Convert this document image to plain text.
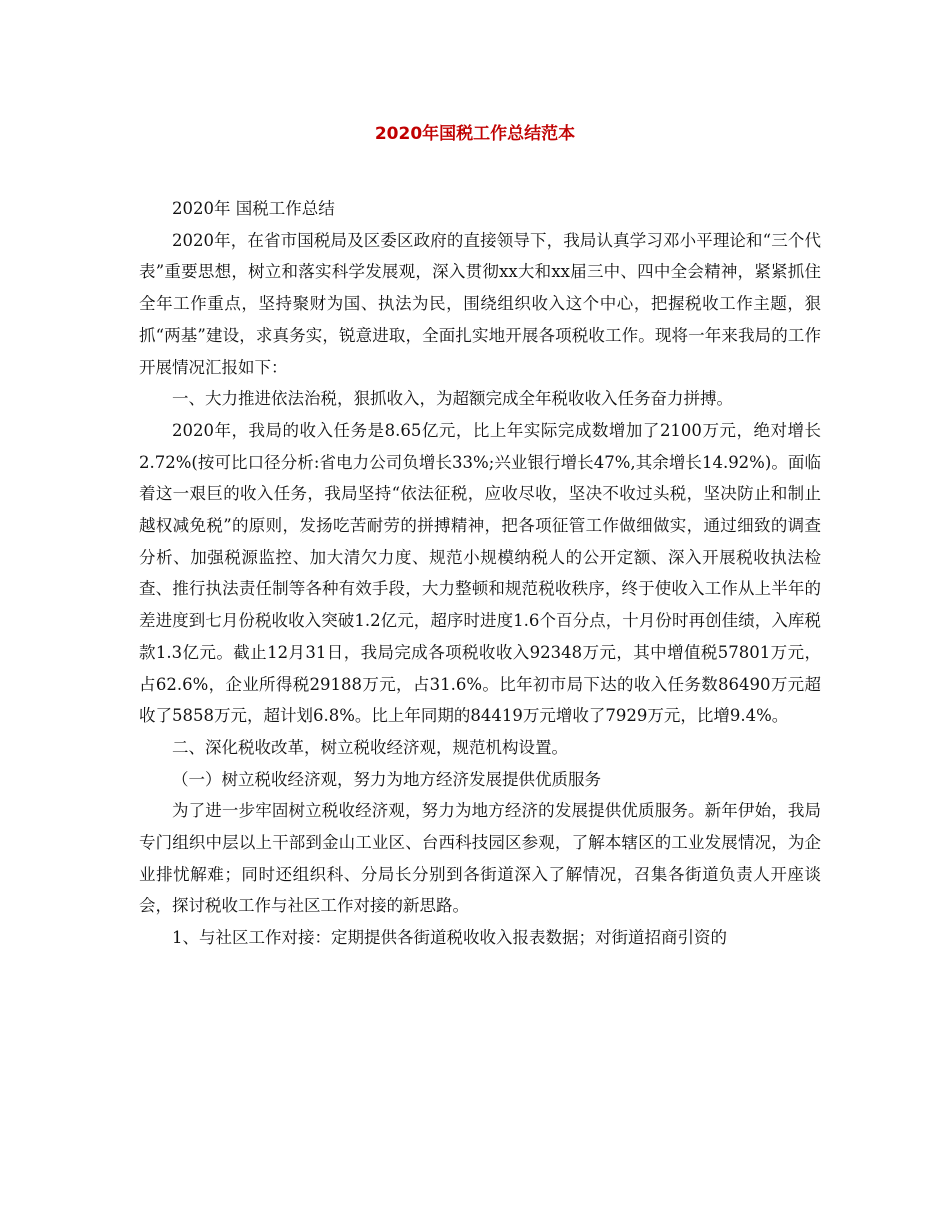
2020年国税工作总结范本

2020年 国税工作总结

2020年，在省市国税局及区委区政府的直接领导下，我局认真学习邓小平理论和“三个代表”重要思想，树立和落实科学发展观，深入贯彻xx大和xx届三中、四中全会精神，紧紧抓住全年工作重点，坚持聚财为国、执法为民，围绕组织收入这个中心，把握税收工作主题，狠抓“两基”建设，求真务实，锐意进取，全面扎实地开展各项税收工作。现将一年来我局的工作开展情况汇报如下：

一、大力推进依法治税，狠抓收入，为超额完成全年税收收入任务奋力拼搏。

2020年，我局的收入任务是8.65亿元，比上年实际完成数增加了2100万元，绝对增长2.72%(按可比口径分析:省电力公司负增长33%;兴业银行增长47%,其余增长14.92%)。面临着这一艰巨的收入任务，我局坚持“依法征税，应收尽收，坚决不收过头税，坚决防止和制止越权减免税”的原则，发扬吃苦耐劳的拼搏精神，把各项征管工作做细做实，通过细致的调查分析、加强税源监控、加大清欠力度、规范小规模纳税人的公开定额、深入开展税收执法检查、推行执法责任制等各种有效手段，大力整顿和规范税收秩序，终于使收入工作从上半年的差进度到七月份税收收入突破1.2亿元，超序时进度1.6个百分点，十月份时再创佳绩，入库税款1.3亿元。截止12月31日，我局完成各项税收收入92348万元，其中增值税57801万元，占62.6%，企业所得税29188万元，占31.6%。比年初市局下达的收入任务数86490万元超收了5858万元，超计划6.8%。比上年同期的84419万元增收了7929万元，比增9.4%。

二、深化税收改革，树立税收经济观，规范机构设置。

（一）树立税收经济观，努力为地方经济发展提供优质服务

为了进一步牢固树立税收经济观，努力为地方经济的发展提供优质服务。新年伊始，我局专门组织中层以上干部到金山工业区、台西科技园区参观，了解本辖区的工业发展情况，为企业排忧解难；同时还组织科、分局长分别到各街道深入了解情况，召集各街道负责人开座谈会，探讨税收工作与社区工作对接的新思路。

1、与社区工作对接：定期提供各街道税收收入报表数据；对街道招商引资的
